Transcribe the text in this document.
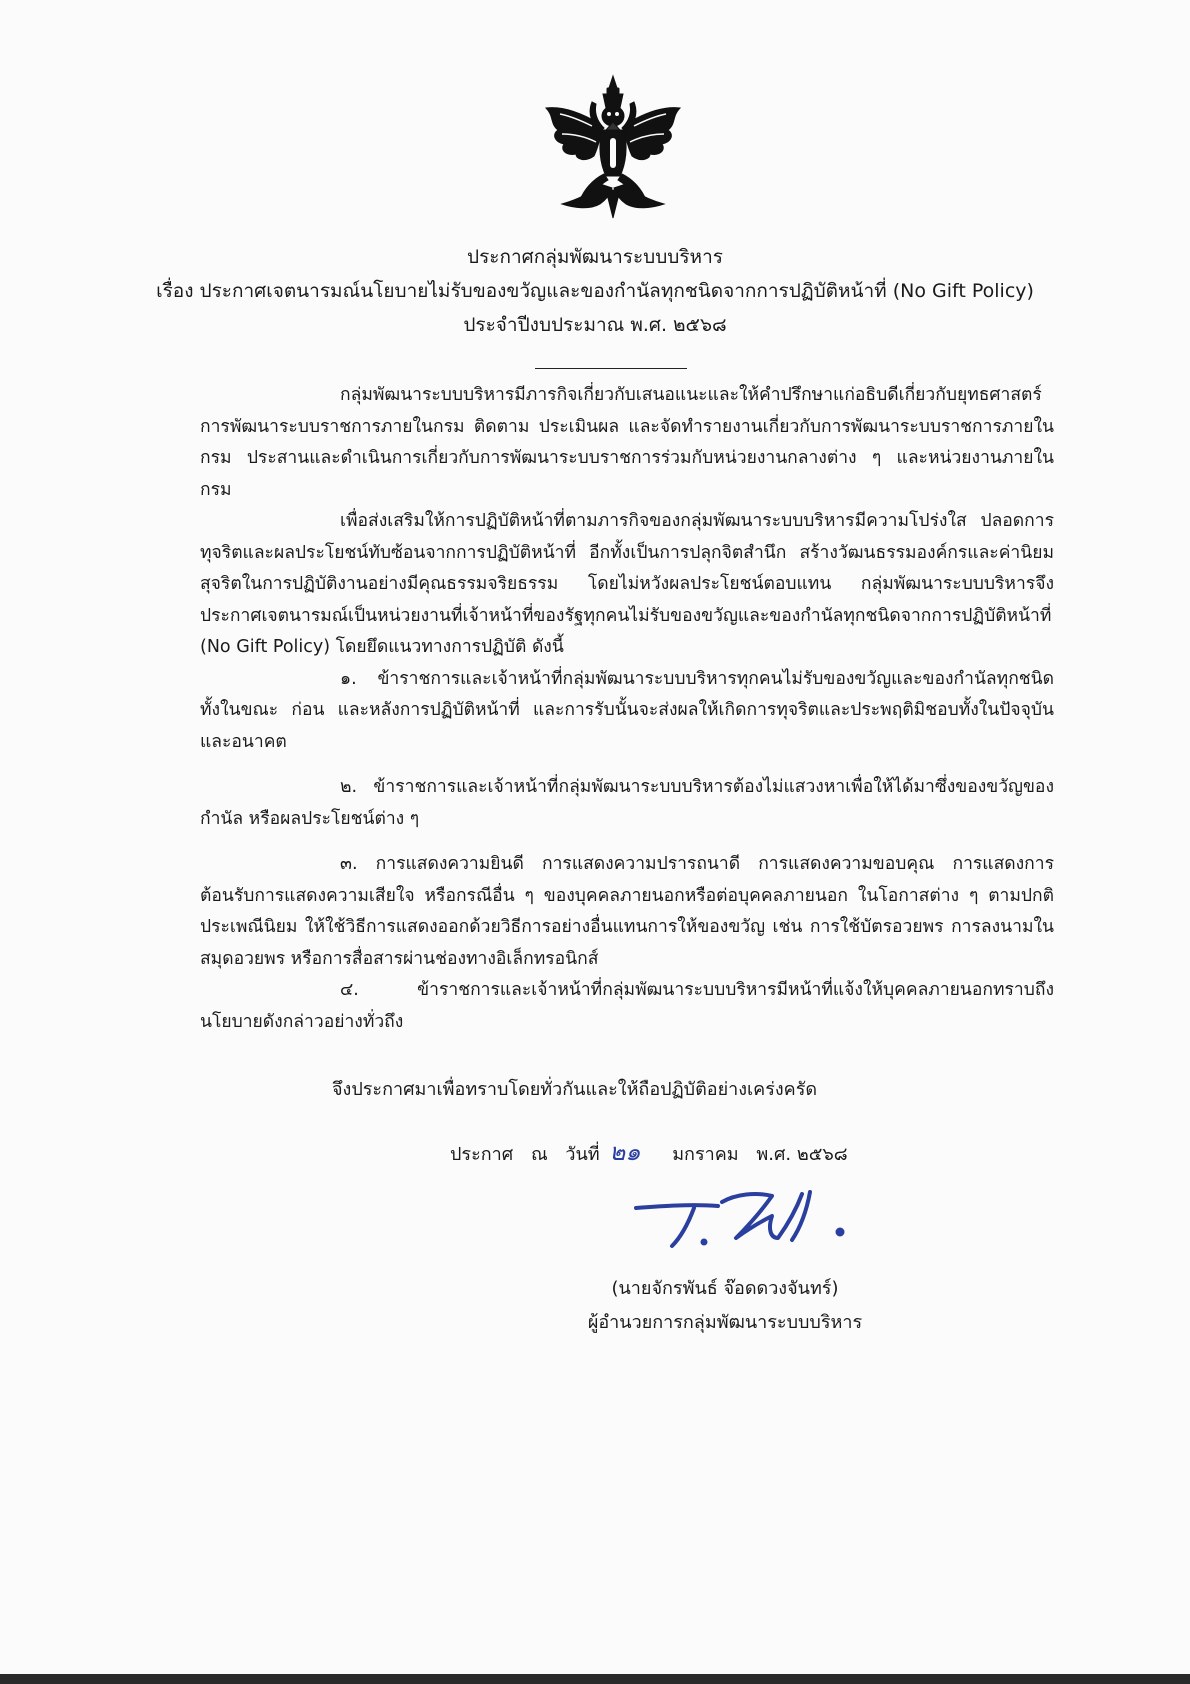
ประกาศกลุ่มพัฒนาระบบบริหาร
เรื่อง ประกาศเจตนารมณ์นโยบายไม่รับของขวัญและของกำนัลทุกชนิดจากการปฏิบัติหน้าที่ (No Gift Policy)
ประจำปีงบประมาณ พ.ศ. ๒๕๖๘

กลุ่มพัฒนาระบบบริหารมีภารกิจเกี่ยวกับเสนอแนะและให้คำปรึกษาแก่อธิบดีเกี่ยวกับยุทธศาสตร์การพัฒนาระบบราชการภายในกรม ติดตาม ประเมินผล และจัดทำรายงานเกี่ยวกับการพัฒนาระบบราชการภายในกรม ประสานและดำเนินการเกี่ยวกับการพัฒนาระบบราชการร่วมกับหน่วยงานกลางต่าง ๆ และหน่วยงานภายในกรม

เพื่อส่งเสริมให้การปฏิบัติหน้าที่ตามภารกิจของกลุ่มพัฒนาระบบบริหารมีความโปร่งใส ปลอดการทุจริตและผลประโยชน์ทับซ้อนจากการปฏิบัติหน้าที่ อีกทั้งเป็นการปลุกจิตสำนึก สร้างวัฒนธรรมองค์กรและค่านิยมสุจริตในการปฏิบัติงานอย่างมีคุณธรรมจริยธรรม โดยไม่หวังผลประโยชน์ตอบแทน กลุ่มพัฒนาระบบบริหารจึงประกาศเจตนารมณ์เป็นหน่วยงานที่เจ้าหน้าที่ของรัฐทุกคนไม่รับของขวัญและของกำนัลทุกชนิดจากการปฏิบัติหน้าที่ (No Gift Policy) โดยยึดแนวทางการปฏิบัติ ดังนี้

๑. ข้าราชการและเจ้าหน้าที่กลุ่มพัฒนาระบบบริหารทุกคนไม่รับของขวัญและของกำนัลทุกชนิดทั้งในขณะ ก่อน และหลังการปฏิบัติหน้าที่ และการรับนั้นจะส่งผลให้เกิดการทุจริตและประพฤติมิชอบทั้งในปัจจุบันและอนาคต

๒. ข้าราชการและเจ้าหน้าที่กลุ่มพัฒนาระบบบริหารต้องไม่แสวงหาเพื่อให้ได้มาซึ่งของขวัญของกำนัล หรือผลประโยชน์ต่าง ๆ

๓. การแสดงความยินดี การแสดงความปรารถนาดี การแสดงความขอบคุณ การแสดงการต้อนรับการแสดงความเสียใจ หรือกรณีอื่น ๆ ของบุคคลภายนอกหรือต่อบุคคลภายนอก ในโอกาสต่าง ๆ ตามปกติประเพณีนิยม ให้ใช้วิธีการแสดงออกด้วยวิธีการอย่างอื่นแทนการให้ของขวัญ เช่น การใช้บัตรอวยพร การลงนามในสมุดอวยพร หรือการสื่อสารผ่านช่องทางอิเล็กทรอนิกส์

๔. ข้าราชการและเจ้าหน้าที่กลุ่มพัฒนาระบบบริหารมีหน้าที่แจ้งให้บุคคลภายนอกทราบถึงนโยบายดังกล่าวอย่างทั่วถึง

จึงประกาศมาเพื่อทราบโดยทั่วกันและให้ถือปฏิบัติอย่างเคร่งครัด
ประกาศ ณ วันที่ ๒๑ มกราคม พ.ศ. ๒๕๖๘
(นายจักรพันธ์ จ๊อดดวงจันทร์)
ผู้อำนวยการกลุ่มพัฒนาระบบบริหาร
